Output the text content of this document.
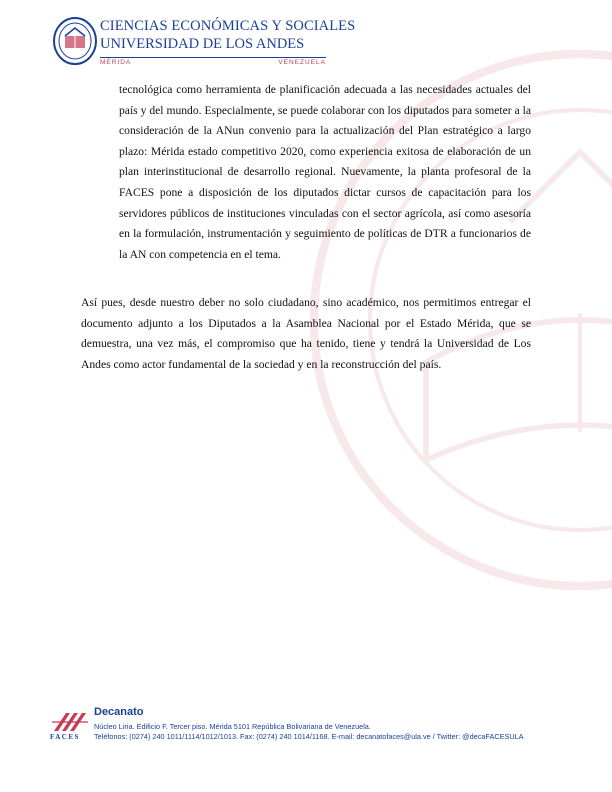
CIENCIAS ECONÓMICAS Y SOCIALES
UNIVERSIDAD DE LOS ANDES
MÉRIDA VENEZUELA
tecnológica como herramienta de planificación adecuada a las necesidades actuales del país y del mundo. Especialmente, se puede colaborar con los diputados para someter a la consideración de la ANun convenio para la actualización del Plan estratégico a largo plazo: Mérida estado competitivo 2020, como experiencia exitosa de elaboración de un plan interinstitucional de desarrollo regional. Nuevamente, la planta profesoral de la FACES pone a disposición de los diputados dictar cursos de capacitación para los servidores públicos de instituciones vinculadas con el sector agrícola, así como asesoría en la formulación, instrumentación y seguimiento de políticas de DTR a funcionarios de la AN con competencia en el tema.
Así pues, desde nuestro deber no solo ciudadano, sino académico, nos permitimos entregar el documento adjunto a los Diputados a la Asamblea Nacional por el Estado Mérida, que se demuestra, una vez más, el compromiso que ha tenido, tiene y tendrá la Universidad de Los Andes como actor fundamental de la sociedad y en la reconstrucción del país.
FACES
Decanato
Núcleo Liria. Edificio F. Tercer piso. Mérida 5101 República Bolivariana de Venezuela.
Teléfonos: (0274) 240 1011/1114/1012/1013. Fax: (0274) 240 1014/1168. E-mail: decanatofaces@ula.ve / Twitter: @decaFACESULA
